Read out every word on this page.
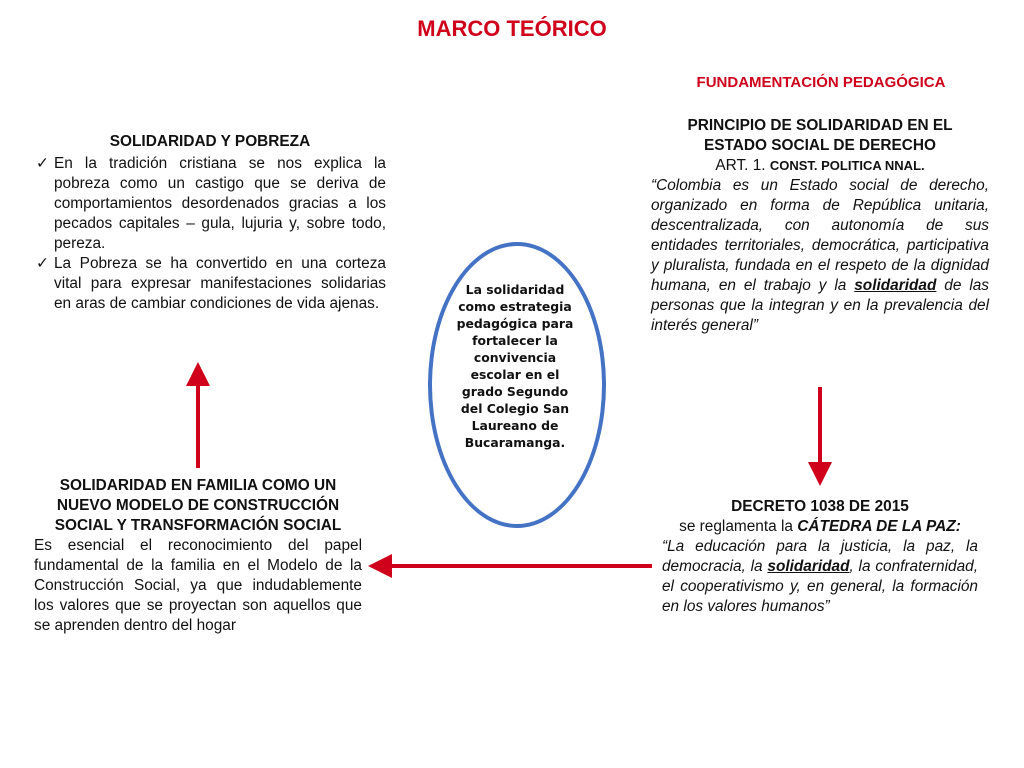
MARCO TEÓRICO
FUNDAMENTACIÓN PEDAGÓGICA
SOLIDARIDAD Y POBREZA
✓ En la tradición cristiana se nos explica la pobreza como un castigo que se deriva de comportamientos desordenados gracias a los pecados capitales – gula, lujuria y, sobre todo, pereza.
✓ La Pobreza se ha convertido en una corteza vital para expresar manifestaciones solidarias en aras de cambiar condiciones de vida ajenas.
PRINCIPIO DE SOLIDARIDAD EN EL
ESTADO SOCIAL DE DERECHO
ART. 1. CONST. POLITICA NNAL.
“Colombia es un Estado social de derecho, organizado en forma de República unitaria, descentralizada, con autonomía de sus entidades territoriales, democrática, participativa y pluralista, fundada en el respeto de la dignidad humana, en el trabajo y la solidaridad de las personas que la integran y en la prevalencia del interés general”
La solidaridad como estrategia pedagógica para fortalecer la convivencia escolar en el grado Segundo del Colegio San Laureano de Bucaramanga.
SOLIDARIDAD EN FAMILIA COMO UN NUEVO MODELO DE CONSTRUCCIÓN SOCIAL Y TRANSFORMACIÓN SOCIAL
Es esencial el reconocimiento del papel fundamental de la familia en el Modelo de la Construcción Social, ya que indudablemente los valores que se proyectan son aquellos que se aprenden dentro del hogar
DECRETO 1038 DE 2015
se reglamenta la CÁTEDRA DE LA PAZ:
“La educación para la justicia, la paz, la democracia, la solidaridad, la confraternidad, el cooperativismo y, en general, la formación en los valores humanos”
